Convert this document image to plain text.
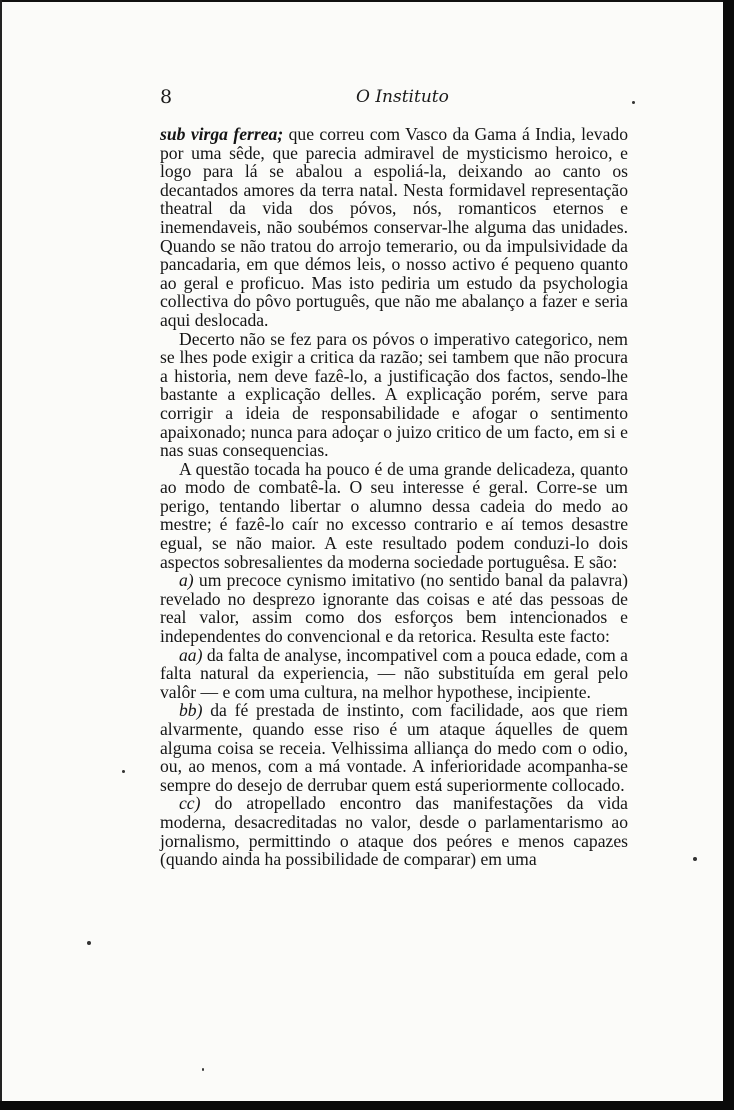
8	O Instituto

sub virga ferrea; que correu com Vasco da Gama á India, levado por uma sêde, que parecia admiravel de mysticismo heroico, e logo para lá se abalou a espoliá-la, deixando ao canto os decantados amores da terra natal. Nesta formidavel representação theatral da vida dos póvos, nós, romanticos eternos e inemendaveis, não soubémos conservar-lhe alguma das unidades. Quando se não tratou do arrojo temerario, ou da impulsividade da pancadaria, em que démos leis, o nosso activo é pequeno quanto ao geral e proficuo. Mas isto pediria um estudo da psychologia collectiva do pôvo português, que não me abalanço a fazer e seria aqui deslocada.

Decerto não se fez para os póvos o imperativo categorico, nem se lhes pode exigir a critica da razão; sei tambem que não procura a historia, nem deve fazê-lo, a justificação dos factos, sendo-lhe bastante a explicação delles. A explicação porém, serve para corrigir a ideia de responsabilidade e afogar o sentimento apaixonado; nunca para adoçar o juizo critico de um facto, em si e nas suas consequencias.

A questão tocada ha pouco é de uma grande delicadeza, quanto ao modo de combatê-la. O seu interesse é geral. Corre-se um perigo, tentando libertar o alumno dessa cadeia do medo ao mestre; é fazê-lo caír no excesso contrario e aí temos desastre egual, se não maior. A este resultado podem conduzi-lo dois aspectos sobresalientes da moderna sociedade portuguêsa. E são:

a) um precoce cynismo imitativo (no sentido banal da palavra) revelado no desprezo ignorante das coisas e até das pessoas de real valor, assim como dos esforços bem intencionados e independentes do convencional e da retorica. Resulta este facto:

aa) da falta de analyse, incompativel com a pouca edade, com a falta natural da experiencia, — não substituída em geral pelo valôr — e com uma cultura, na melhor hypothese, incipiente.

bb) da fé prestada de instinto, com facilidade, aos que riem alvarmente, quando esse riso é um ataque áquelles de quem alguma coisa se receia. Velhissima alliança do medo com o odio, ou, ao menos, com a má vontade. A inferioridade acompanha-se sempre do desejo de derrubar quem está superiormente collocado.

cc) do atropellado encontro das manifestações da vida moderna, desacreditadas no valor, desde o parlamentarismo ao jornalismo, permittindo o ataque dos peóres e menos capazes (quando ainda ha possibilidade de comparar) em uma
